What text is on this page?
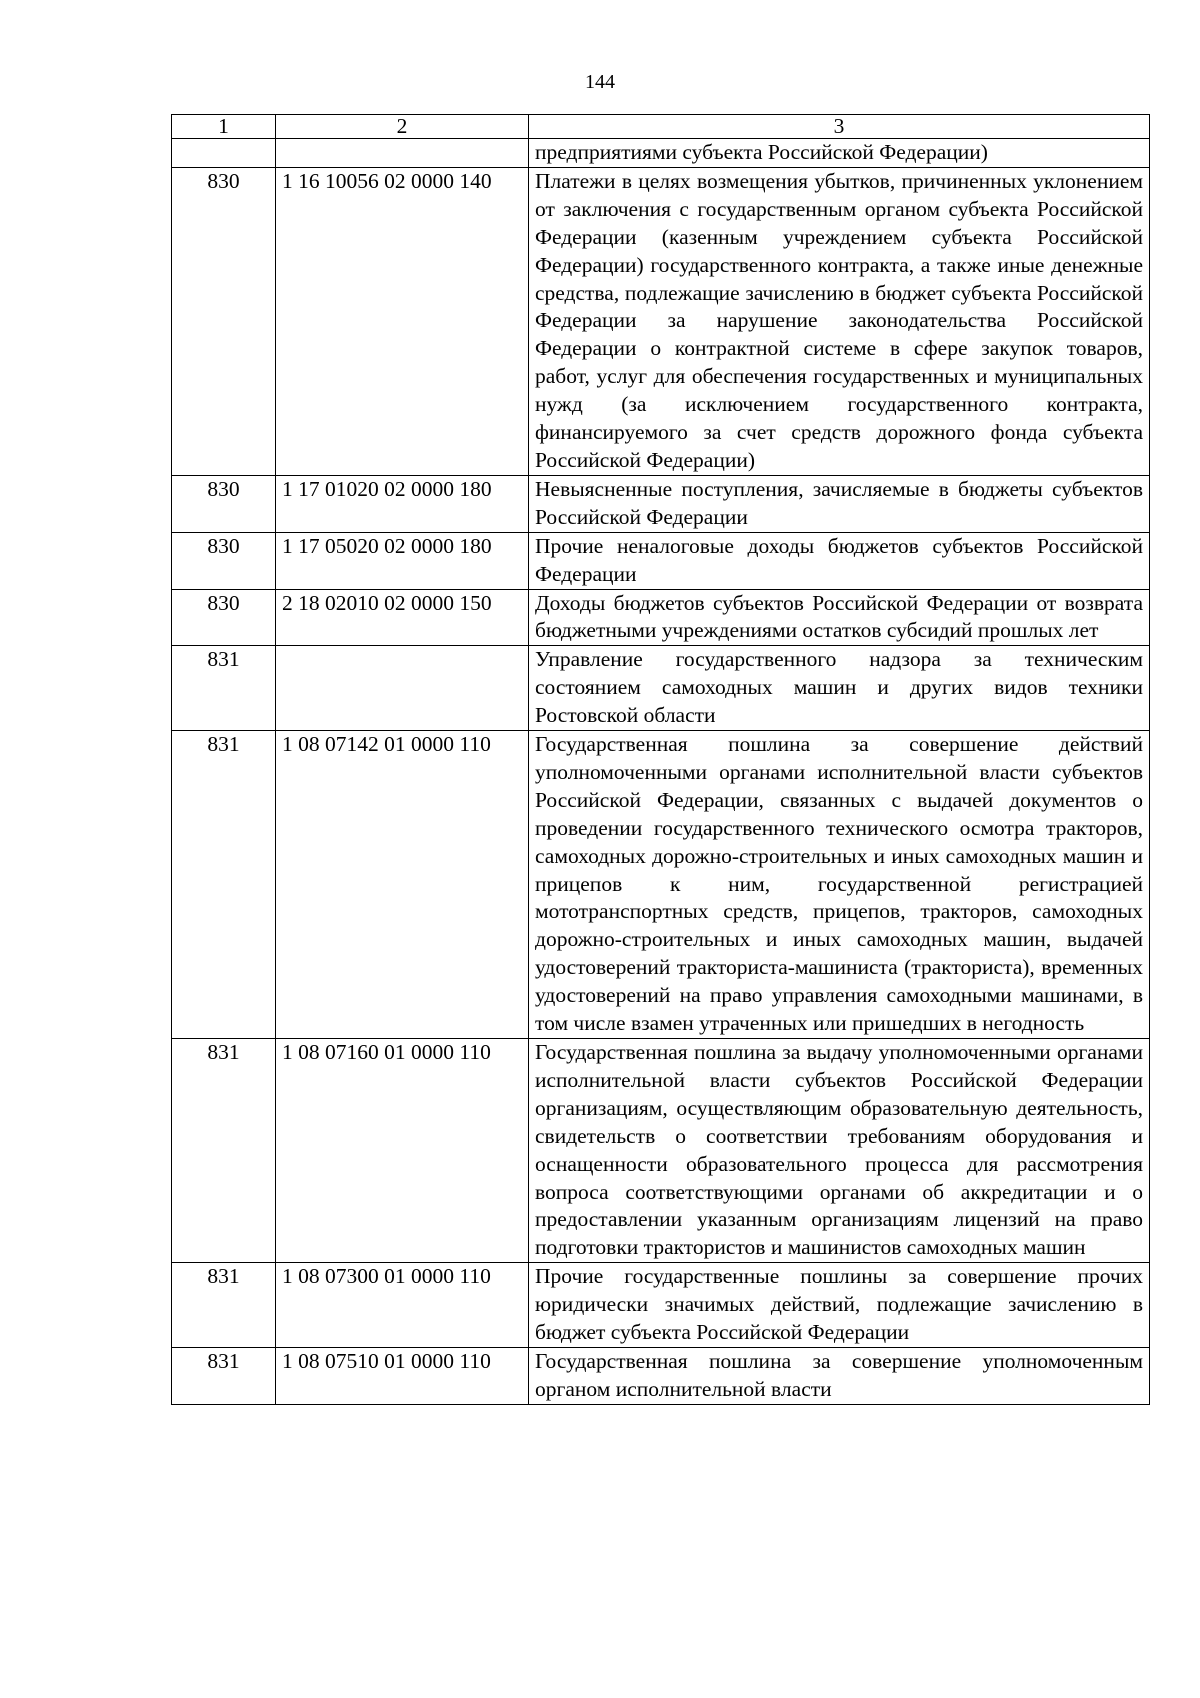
144
1	2	3
		предприятиями субъекта Российской Федерации)
830	1 16 10056 02 0000 140	Платежи в целях возмещения убытков, причиненных уклонением от заключения с государственным органом субъекта Российской Федерации (казенным учреждением субъекта Российской Федерации) государственного контракта, а также иные денежные средства, подлежащие зачислению в бюджет субъекта Российской Федерации за нарушение законодательства Российской Федерации о контрактной системе в сфере закупок товаров, работ, услуг для обеспечения государственных и муниципальных нужд (за исключением государственного контракта, финансируемого за счет средств дорожного фонда субъекта Российской Федерации)
830	1 17 01020 02 0000 180	Невыясненные поступления, зачисляемые в бюджеты субъектов Российской Федерации
830	1 17 05020 02 0000 180	Прочие неналоговые доходы бюджетов субъектов Российской Федерации
830	2 18 02010 02 0000 150	Доходы бюджетов субъектов Российской Федерации от возврата бюджетными учреждениями остатков субсидий прошлых лет
831		Управление государственного надзора за техническим состоянием самоходных машин и других видов техники Ростовской области
831	1 08 07142 01 0000 110	Государственная пошлина за совершение действий уполномоченными органами исполнительной власти субъектов Российской Федерации, связанных с выдачей документов о проведении государственного технического осмотра тракторов, самоходных дорожно-строительных и иных самоходных машин и прицепов к ним, государственной регистрацией мототранспортных средств, прицепов, тракторов, самоходных дорожно-строительных и иных самоходных машин, выдачей удостоверений тракториста-машиниста (тракториста), временных удостоверений на право управления самоходными машинами, в том числе взамен утраченных или пришедших в негодность
831	1 08 07160 01 0000 110	Государственная пошлина за выдачу уполномоченными органами исполнительной власти субъектов Российской Федерации организациям, осуществляющим образовательную деятельность, свидетельств о соответствии требованиям оборудования и оснащенности образовательного процесса для рассмотрения вопроса соответствующими органами об аккредитации и о предоставлении указанным организациям лицензий на право подготовки трактористов и машинистов самоходных машин
831	1 08 07300 01 0000 110	Прочие государственные пошлины за совершение прочих юридически значимых действий, подлежащие зачислению в бюджет субъекта Российской Федерации
831	1 08 07510 01 0000 110	Государственная пошлина за совершение уполномоченным органом исполнительной власти
